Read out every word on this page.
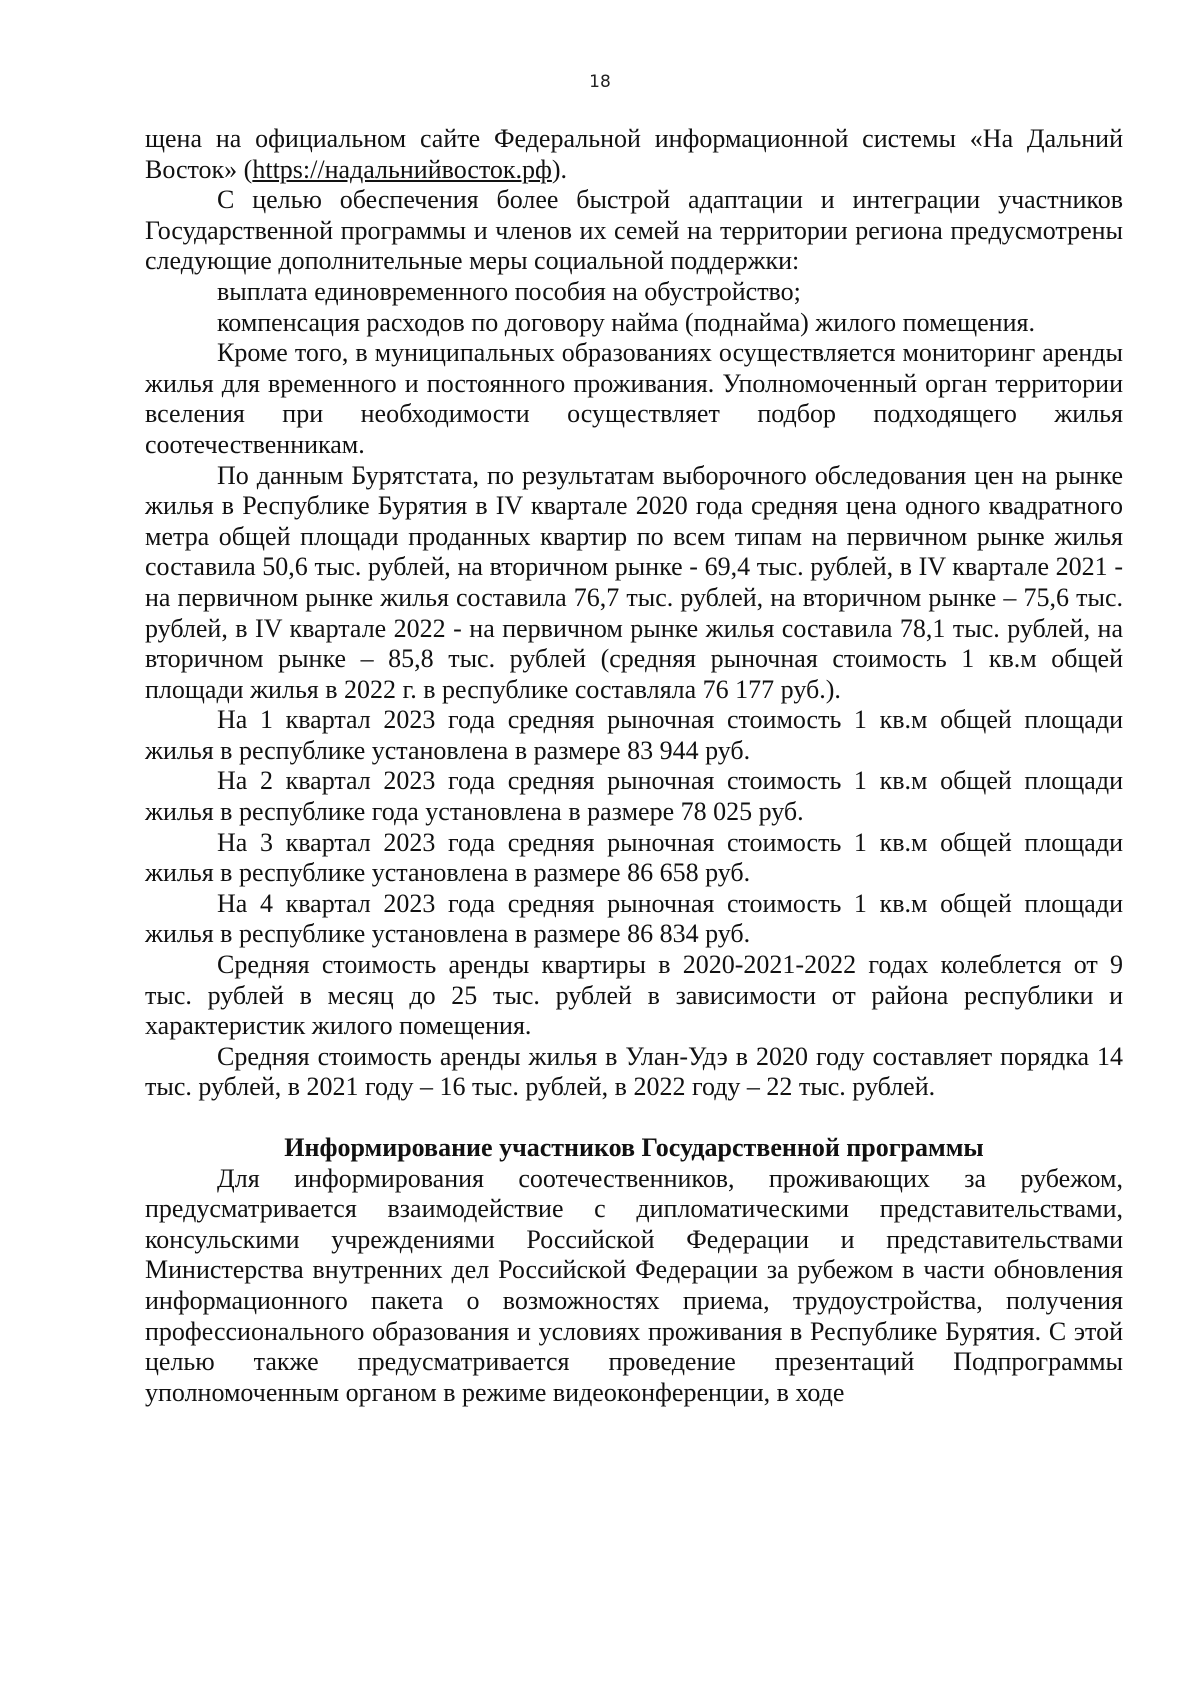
18

щена на официальном сайте Федеральной информационной системы «На Дальний Восток» (https://надальнийвосток.рф).

С целью обеспечения более быстрой адаптации и интеграции участников Государственной программы и членов их семей на территории региона предусмотрены следующие дополнительные меры социальной поддержки:

выплата единовременного пособия на обустройство;

компенсация расходов по договору найма (поднайма) жилого помещения.

Кроме того, в муниципальных образованиях осуществляется мониторинг аренды жилья для временного и постоянного проживания. Уполномоченный орган территории вселения при необходимости осуществляет подбор подходящего жилья соотечественникам.

По данным Бурятстата, по результатам выборочного обследования цен на рынке жилья в Республике Бурятия в IV квартале 2020 года средняя цена одного квадратного метра общей площади проданных квартир по всем типам на первичном рынке жилья составила 50,6 тыс. рублей, на вторичном рынке - 69,4 тыс. рублей, в IV квартале 2021 - на первичном рынке жилья составила 76,7 тыс. рублей, на вторичном рынке – 75,6 тыс. рублей, в IV квартале 2022 - на первичном рынке жилья составила 78,1 тыс. рублей, на вторичном рынке – 85,8 тыс. рублей (средняя рыночная стоимость 1 кв.м общей площади жилья в 2022 г. в республике составляла 76 177 руб.).

На 1 квартал 2023 года средняя рыночная стоимость 1 кв.м общей площади жилья в республике установлена в размере 83 944 руб.

На 2 квартал 2023 года средняя рыночная стоимость 1 кв.м общей площади жилья в республике года установлена в размере 78 025 руб.

На 3 квартал 2023 года средняя рыночная стоимость 1 кв.м общей площади жилья в республике установлена в размере 86 658 руб.

На 4 квартал 2023 года средняя рыночная стоимость 1 кв.м общей площади жилья в республике установлена в размере 86 834 руб.

Средняя стоимость аренды квартиры в 2020-2021-2022 годах колеблется от 9 тыс. рублей в месяц до 25 тыс. рублей в зависимости от района республики и характеристик жилого помещения.

Средняя стоимость аренды жилья в Улан-Удэ в 2020 году составляет порядка 14 тыс. рублей, в 2021 году – 16 тыс. рублей, в 2022 году – 22 тыс. рублей.

Информирование участников Государственной программы

Для информирования соотечественников, проживающих за рубежом, предусматривается взаимодействие с дипломатическими представительствами, консульскими учреждениями Российской Федерации и представительствами Министерства внутренних дел Российской Федерации за рубежом в части обновления информационного пакета о возможностях приема, трудоустройства, получения профессионального образования и условиях проживания в Республике Бурятия. С этой целью также предусматривается проведение презентаций Подпрограммы уполномоченным органом в режиме видеоконференции, в ходе
